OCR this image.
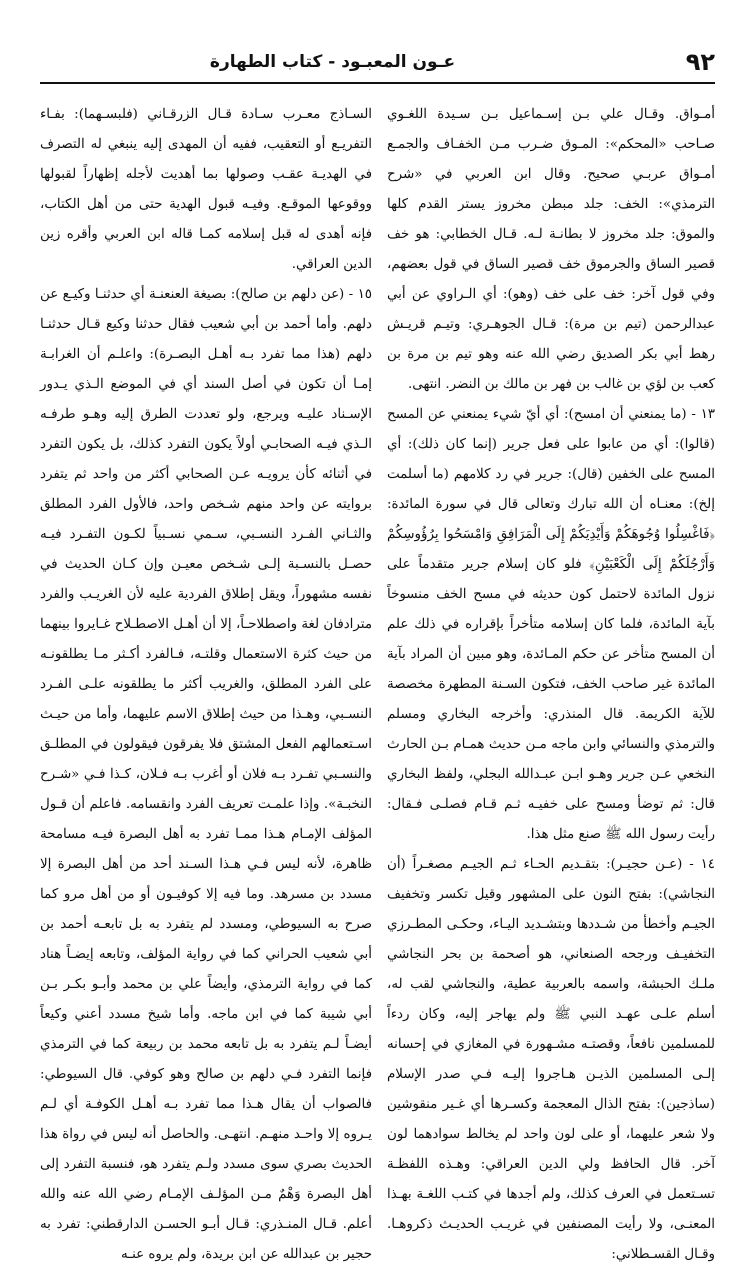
٩٢
عـون المعبـود - كتاب الطهارة

أمـواق. وقـال علي بـن إسـماعيل بـن سـيدة اللغـوي صـاحب «المحكم»: المـوق ضـرب مـن الخفـاف والجمـع أمـواق عربـي صحيح. وقال ابن العربي في «شرح الترمذي»: الخف: جلد مبطن مخروز يستر القدم كلها والموق: جلد مخروز لا بطانـة لـه. قـال الخطابي: هو خف قصير الساق والجرموق خف قصير الساق في قول بعضهم، وفي قول آخر: خف على خف (وهو): أي الـراوي عن أبي عبدالرحمن (تيم بن مرة): قـال الجوهـري: وتيـم قريـش رهط أبي بكر الصديق رضي الله عنه وهو تيم بن مرة بن كعب بن لؤي بن غالب بن فهر بن مالك بن النضر. انتهى.

١٣ - (ما يمنعني أن امسح): أي أيّ شيء يمنعني عن المسح (قالوا): أي من عابوا على فعل جرير (إنما كان ذلك): أي المسح على الخفين (قال): جرير في رد كلامهم (ما أسلمت إلخ): معنـاه أن الله تبارك وتعالى قال في سورة المائدة: ﴿فَاغْسِلُوا وُجُوهَكُمْ وَأَيْدِيَكُمْ إِلَى الْمَرَافِقِ وَامْسَحُوا بِرُؤُوسِكُمْ وَأَرْجُلَكُمْ إِلَى الْكَعْبَيْنِ﴾ فلو كان إسلام جرير متقدماً على نزول المائدة لاحتمل كون حديثه في مسح الخف منسوخاً بآية المائدة، فلما كان إسلامه متأخراً بإقراره في ذلك علم أن المسح متأخر عن حكم المـائدة، وهو مبين أن المراد بآية المائدة غير صاحب الخف، فتكون السـنة المطهرة مخصصة للآية الكريمة. قال المنذري: وأخرجه البخاري ومسلم والترمذي والنسائي وابن ماجه مـن حديث همـام بـن الحارث النخعي عـن جرير وهـو ابـن عبـدالله البجلي، ولفظ البخاري قال: ثم توضأ ومسح على خفيـه ثـم قـام فصلـى فـقال: رأيت رسول الله ﷺ صنع مثل هذا.

١٤ - (عـن حجيـر): بتقـديم الحـاء ثـم الجيـم مصغـراً (أن النجاشي): بفتح النون على المشهور وقيل تكسر وتخفيف الجيـم وأخطأ من شـددها وبتشـديد اليـاء، وحكـى المطـرزي التخفيـف ورجحه الصنعاني، هو أصحمة بن بحر النجاشي ملـك الحبشة، واسمه بالعربية عطية، والنجاشي لقب له، أسلم علـى عهـد النبي ﷺ ولم يهاجر إليه، وكان ردءاً للمسلمين نافعاً، وقصتـه مشـهورة في المغازي في إحسانه إلـى المسلمين الذيـن هـاجروا إليـه فـي صدر الإسلام (ساذجين): بفتح الذال المعجمة وكسـرها أي غـير منقوشين ولا شعر عليهما، أو على لون واحد لم يخالط سوادهما لون آخر. قال الحافظ ولي الدين العراقي: وهـذه اللفظـة تسـتعمل في العرف كذلك، ولم أجدها في كتـب اللغـة بهـذا المعنـى، ولا رأيت المصنفين في غريـب الحديـث ذكروهـا. وقـال القسـطلاني:

السـاذج معـرب سـادة قـال الزرقـاني (فلبسـهما): بفـاء التفريـع أو التعقيب، ففيه أن المهدى إليه ينبغي له التصرف في الهديـة عقـب وصولها بما أهديت لأجله إظهاراً لقبولها ووقوعها الموقـع. وفيـه قبول الهدية حتى من أهل الكتاب، فإنه أهدى له قبل إسلامه كمـا قاله ابن العربي وأقره زين الدين العراقي.

١٥ - (عن دلهم بن صالح): بصيغة العنعنـة أي حدثنـا وكيـع عن دلهم. وأما أحمد بن أبي شعيب فقال حدثنا وكيع قـال حدثنـا دلهم (هذا مما تفرد بـه أهـل البصـرة): واعلـم أن الغرابـة إمـا أن تكون في أصل السند أي في الموضع الـذي يـدور الإسـناد عليـه ويرجع، ولو تعددت الطرق إليه وهـو طرفـه الـذي فيـه الصحابـي أولاً يكون التفرد كذلك، بل يكون التفرد في أثنائه كأن يرويـه عـن الصحابي أكثر من واحد ثم يتفرد بروايته عن واحد منهم شـخص واحد، فالأول الفرد المطلق والثـاني الفـرد النسـبي، سـمي نسـبياً لكـون التفـرد فيـه حصـل بالنسـبة إلـى شـخص معيـن وإن كـان الحديث في نفسه مشهوراً، ويقل إطلاق الفردية عليه لأن الغريـب والفرد مترادفان لغة واصطلاحـاً، إلا أن أهـل الاصطـلاح غـايروا بينهما من حيث كثرة الاستعمال وقلتـه، فـالفرد أكـثر مـا يطلقونـه على الفرد المطلق، والغريب أكثر ما يطلقونه علـى الفـرد النسـبي، وهـذا من حيث إطلاق الاسم عليهما، وأما من حيـث اسـتعمالهم الفعل المشتق فلا يفرقون فيقولون في المطلـق والنسـبي تفـرد بـه فلان أو أغرب بـه فـلان، كـذا فـي «شـرح النخبـة». وإذا علمـت تعريف الفرد وانقسامه. فاعلم أن قـول المؤلف الإمـام هـذا ممـا تفرد به أهل البصرة فيـه مسامحة ظاهرة، لأنه ليس فـي هـذا السـند أحد من أهل البصرة إلا مسدد بن مسرهد. وما فيه إلا كوفيـون أو من أهل مرو كما صرح به السيوطي، ومسدد لم يتفرد به بل تابعـه أحمد بن أبي شعيب الحراني كما في رواية المؤلف، وتابعه إيضـاً هناد كما في رواية الترمذي، وأيضاً علي بن محمد وأبـو بكـر بـن أبي شيبة كما في ابن ماجه. وأما شيخ مسدد أعني وكيعاً أيضـاً لـم يتفرد به بل تابعه محمد بن ربيعة كما في الترمذي فإنما التفرد فـي دلهم بن صالح وهو كوفي. قال السيوطي: فالصواب أن يقال هـذا مما تفرد بـه أهـل الكوفـة أي لـم يـروه إلا واحـد منهـم. انتهـى. والحاصل أنه ليس في رواة هذا الحديث بصري سوى مسدد ولـم يتفرد هو، فنسبة التفرد إلى أهل البصرة وَهْمٌ مـن المؤلـف الإمـام رضي الله عنه والله أعلم. قـال المنـذري: قـال أبـو الحسـن الدارقطني: تفرد به حجير بن عبدالله عن ابن بريدة، ولم يروه عنـه
